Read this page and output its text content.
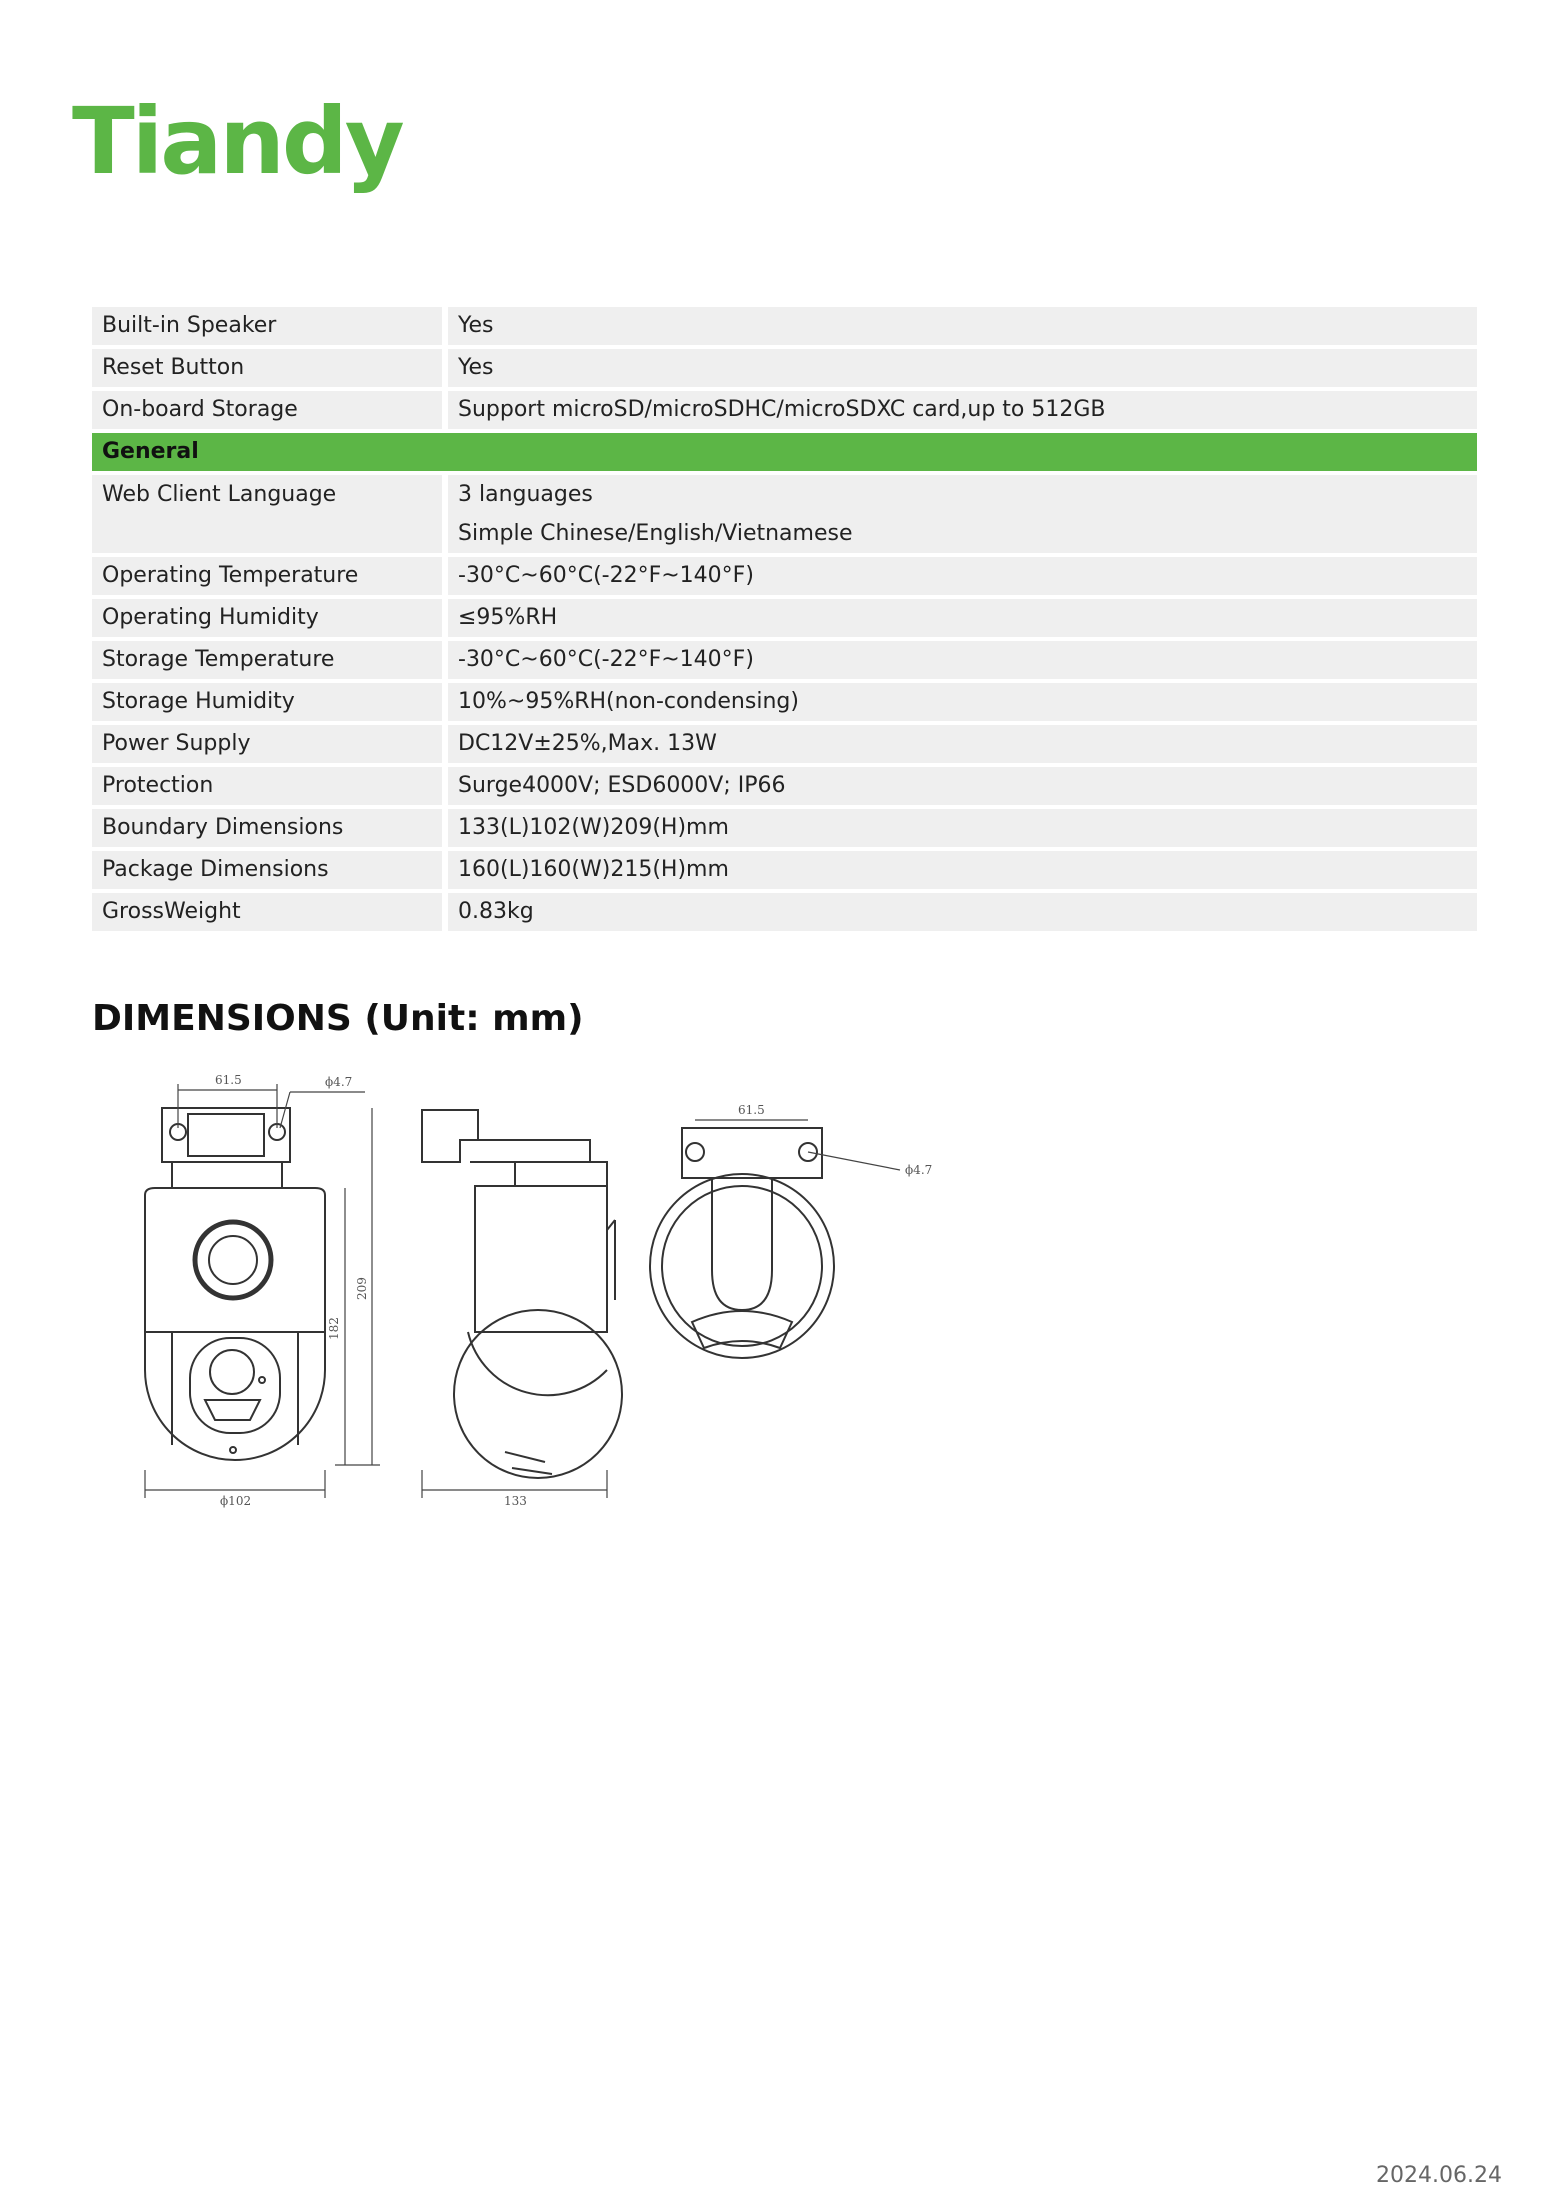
Tiandy
Built-in Speaker	Yes
Reset Button	Yes
On-board Storage	Support microSD/microSDHC/microSDXC card,up to 512GB
General	
Web Client Language	3 languages
Simple Chinese/English/Vietnamese

Operating Temperature	-30°C~60°C(-22°F~140°F)
Operating Humidity	≤95%RH
Storage Temperature	-30°C~60°C(-22°F~140°F)
Storage Humidity	10%~95%RH(non-condensing)
Power Supply	DC12V±25%,Max. 13W
Protection	Surge4000V; ESD6000V; IP66
Boundary Dimensions	133(L)102(W)209(H)mm
Package Dimensions	160(L)160(W)215(H)mm
GrossWeight	0.83kg
DIMENSIONS (Unit: mm)
61.5	ϕ4.7
182
209
ϕ102	133
61.5
ϕ4.7
2024.06.24
